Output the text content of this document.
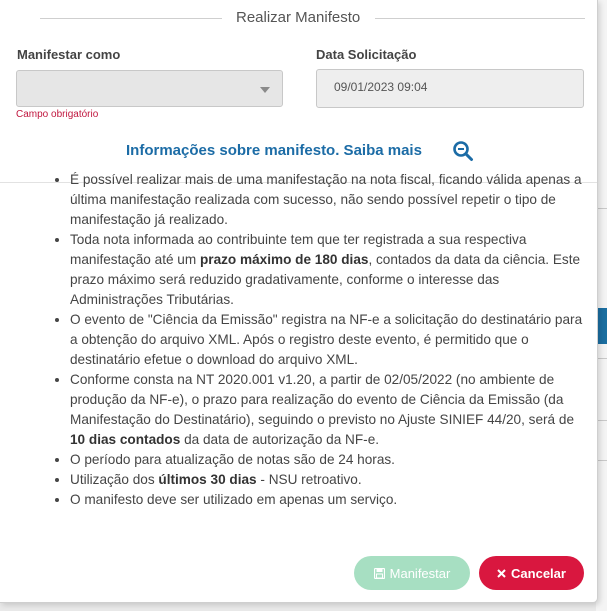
Realizar Manifesto
Manifestar como
Campo obrigatório
Data Solicitação
09/01/2023 09:04
Informações sobre manifesto. Saiba mais
• É possível realizar mais de uma manifestação na nota fiscal, ficando válida apenas a última manifestação realizada com sucesso, não sendo possível repetir o tipo de manifestação já realizado.
• Toda nota informada ao contribuinte tem que ter registrada a sua respectiva manifestação até um prazo máximo de 180 dias, contados da data da ciência. Este prazo máximo será reduzido gradativamente, conforme o interesse das Administrações Tributárias.
• O evento de "Ciência da Emissão" registra na NF-e a solicitação do destinatário para a obtenção do arquivo XML. Após o registro deste evento, é permitido que o destinatário efetue o download do arquivo XML.
• Conforme consta na NT 2020.001 v1.20, a partir de 02/05/2022 (no ambiente de produção da NF-e), o prazo para realização do evento de Ciência da Emissão (da Manifestação do Destinatário), seguindo o previsto no Ajuste SINIEF 44/20, será de 10 dias contados da data de autorização da NF-e.
• O período para atualização de notas são de 24 horas.
• Utilização dos últimos 30 dias - NSU retroativo.
• O manifesto deve ser utilizado em apenas um serviço.
Manifestar	Cancelar
